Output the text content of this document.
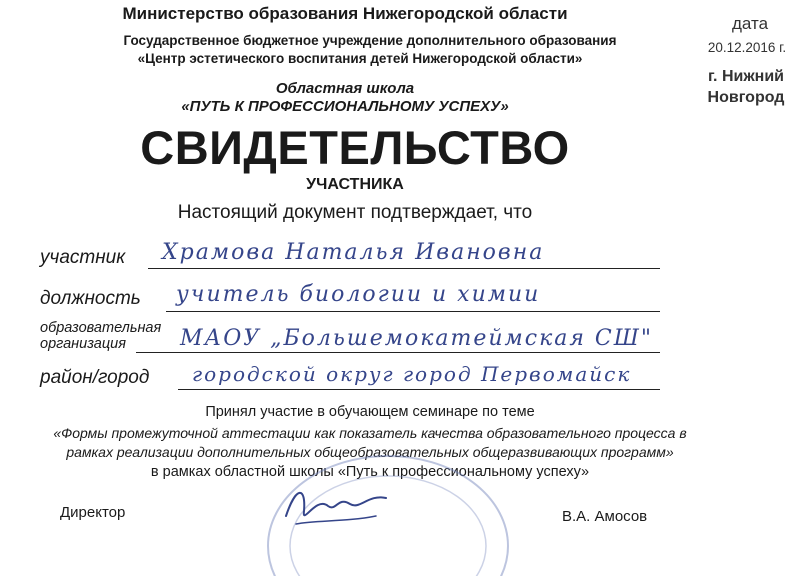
Министерство образования Нижегородской области
Государственное бюджетное учреждение дополнительного образования
«Центр эстетического воспитания детей Нижегородской области»
Областная школа
«ПУТЬ К ПРОФЕССИОНАЛЬНОМУ УСПЕХУ»
дата
20.12.2016 г.
г. Нижний
Новгород
СВИДЕТЕЛЬСТВО
УЧАСТНИКА
Настоящий документ подтверждает, что
участник Храмова Наталья Ивановна
должность учитель биологии и химии
образовательная
организация	МАОУ „Большемокатеймская СШ"
район/город городской округ город Первомайск
Принял участие в обучающем семинаре по теме
«Формы промежуточной аттестации как показатель качества образовательного процесса в
рамках реализации дополнительных общеобразовательных общеразвивающих программ»
в рамках областной школы «Путь к профессиональному успеху»
Директор	В.А. Амосов
